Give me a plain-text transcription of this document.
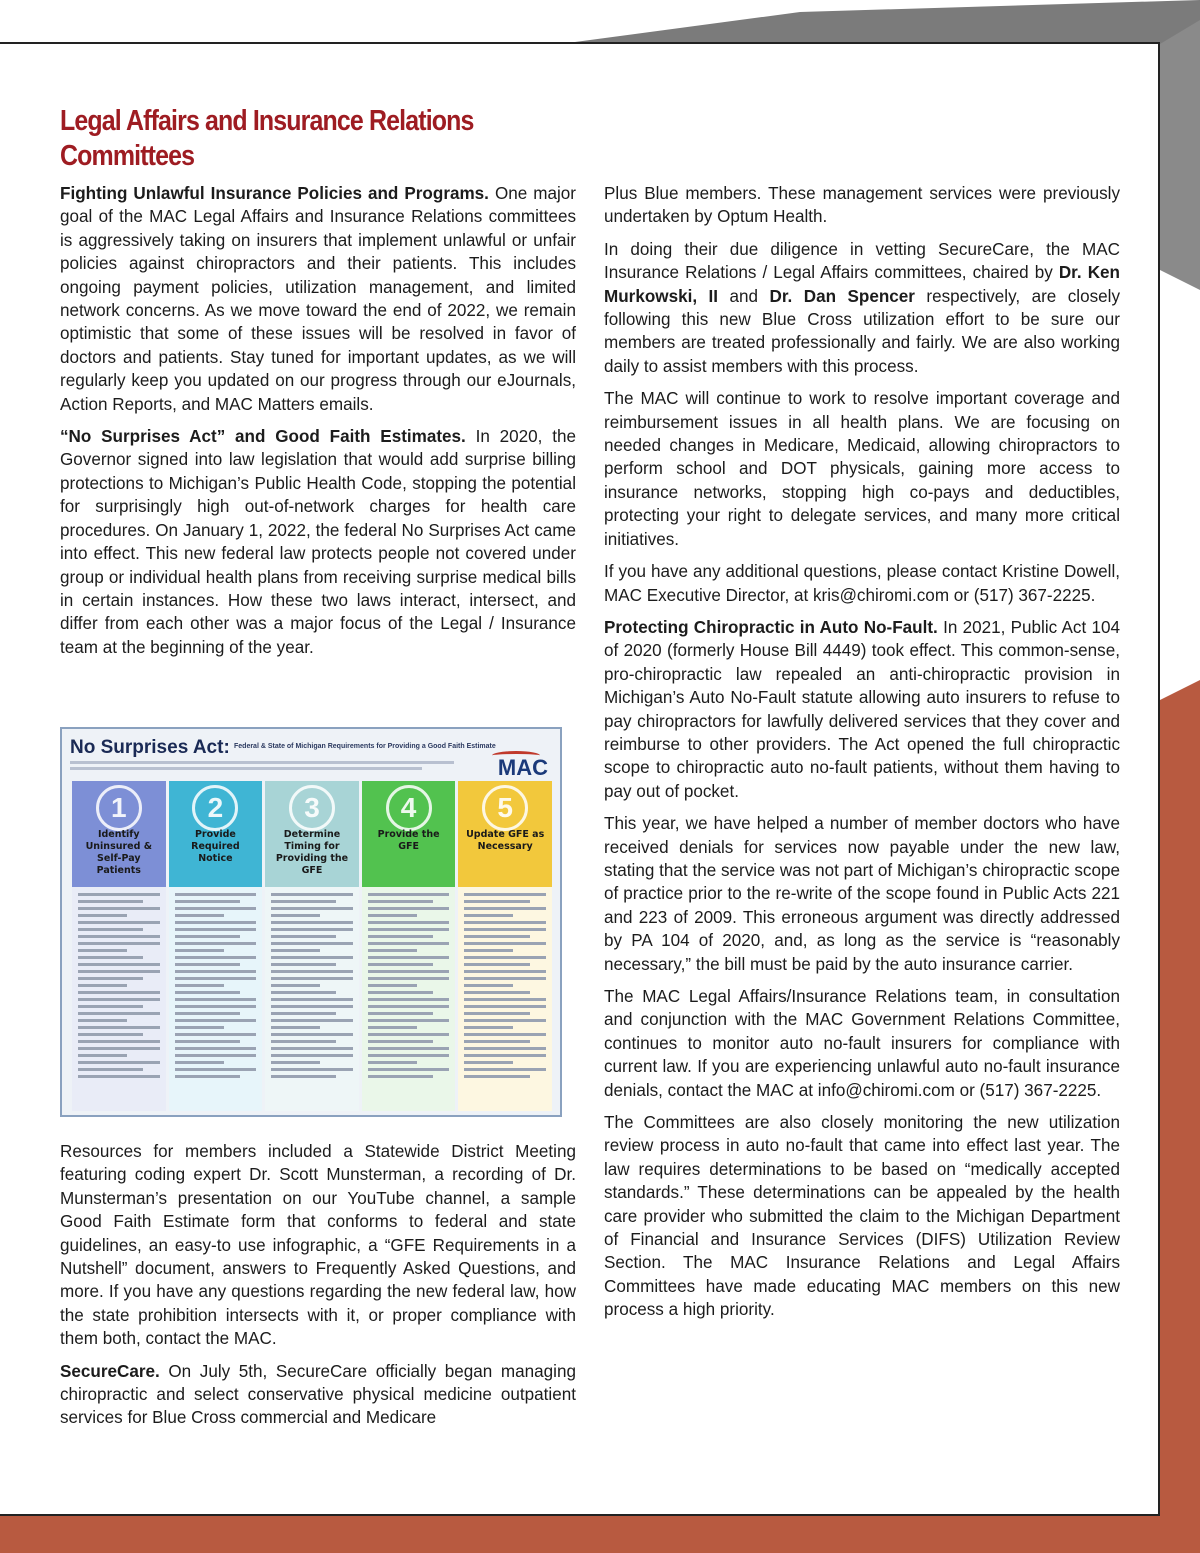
Legal Affairs and Insurance Relations
Committees

Fighting Unlawful Insurance Policies and Programs. One major goal of the MAC Legal Affairs and Insurance Relations committees is aggressively taking on insurers that implement unlawful or unfair policies against chiropractors and their patients. This includes ongoing payment policies, utilization management, and limited network concerns. As we move toward the end of 2022, we remain optimistic that some of these issues will be resolved in favor of doctors and patients. Stay tuned for important updates, as we will regularly keep you updated on our progress through our eJournals, Action Reports, and MAC Matters emails.

“No Surprises Act” and Good Faith Estimates. In 2020, the Governor signed into law legislation that would add surprise billing protections to Michigan’s Public Health Code, stopping the potential for surprisingly high out-of-network charges for health care procedures. On January 1, 2022, the federal No Surprises Act came into effect. This new federal law protects people not covered under group or individual health plans from receiving surprise medical bills in certain instances. How these two laws interact, intersect, and differ from each other was a major focus of the Legal / Insurance team at the beginning of the year.

No Surprises Act: Federal & State of Michigan Requirements for Providing a Good Faith Estimate
MAC
1
Identify Uninsured & Self-Pay Patients
2
Provide Required Notice
3
Determine Timing for Providing the GFE
4
Provide the GFE
5
Update GFE as Necessary

Resources for members included a Statewide District Meeting featuring coding expert Dr. Scott Munsterman, a recording of Dr. Munsterman’s presentation on our YouTube channel, a sample Good Faith Estimate form that conforms to federal and state guidelines, an easy-to use infographic, a “GFE Requirements in a Nutshell” document, answers to Frequently Asked Questions, and more. If you have any questions regarding the new federal law, how the state prohibition intersects with it, or proper compliance with them both, contact the MAC.

SecureCare. On July 5th, SecureCare officially began managing chiropractic and select conservative physical medicine outpatient services for Blue Cross commercial and Medicare

Plus Blue members. These management services were previously undertaken by Optum Health.

In doing their due diligence in vetting SecureCare, the MAC Insurance Relations / Legal Affairs committees, chaired by Dr. Ken Murkowski, II and Dr. Dan Spencer respectively, are closely following this new Blue Cross utilization effort to be sure our members are treated professionally and fairly. We are also working daily to assist members with this process.

The MAC will continue to work to resolve important coverage and reimbursement issues in all health plans. We are focusing on needed changes in Medicare, Medicaid, allowing chiropractors to perform school and DOT physicals, gaining more access to insurance networks, stopping high co-pays and deductibles, protecting your right to delegate services, and many more critical initiatives.

If you have any additional questions, please contact Kristine Dowell, MAC Executive Director, at kris@chiromi.com or (517) 367-2225.

Protecting Chiropractic in Auto No-Fault. In 2021, Public Act 104 of 2020 (formerly House Bill 4449) took effect. This common-sense, pro-chiropractic law repealed an anti-chiropractic provision in Michigan’s Auto No-Fault statute allowing auto insurers to refuse to pay chiropractors for lawfully delivered services that they cover and reimburse to other providers. The Act opened the full chiropractic scope to chiropractic auto no-fault patients, without them having to pay out of pocket.

This year, we have helped a number of member doctors who have received denials for services now payable under the new law, stating that the service was not part of Michigan’s chiropractic scope of practice prior to the re-write of the scope found in Public Acts 221 and 223 of 2009. This erroneous argument was directly addressed by PA 104 of 2020, and, as long as the service is “reasonably necessary,” the bill must be paid by the auto insurance carrier.

The MAC Legal Affairs/Insurance Relations team, in consultation and conjunction with the MAC Government Relations Committee, continues to monitor auto no-fault insurers for compliance with current law. If you are experiencing unlawful auto no-fault insurance denials, contact the MAC at info@chiromi.com or (517) 367-2225.

The Committees are also closely monitoring the new utilization review process in auto no-fault that came into effect last year. The law requires determinations to be based on “medically accepted standards.” These determinations can be appealed by the health care provider who submitted the claim to the Michigan Department of Financial and Insurance Services (DIFS) Utilization Review Section. The MAC Insurance Relations and Legal Affairs Committees have made educating MAC members on this new process a high priority.
